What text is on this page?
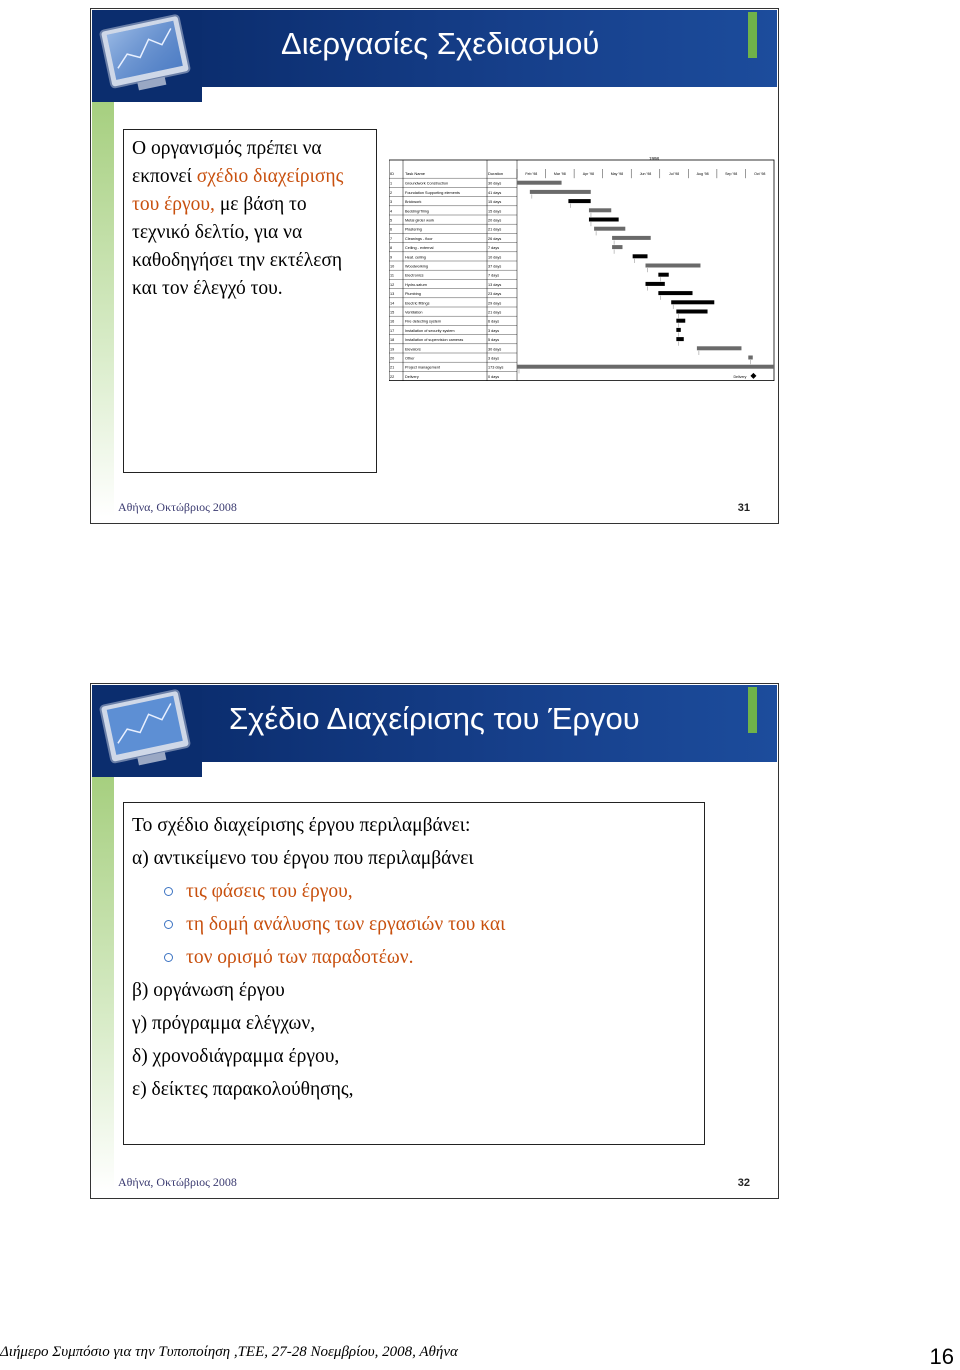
Διεργασίες Σχεδιασμού

Ο οργανισμός πρέπει να εκπονεί σχέδιο διαχείρισης του έργου, με βάση το τεχνικό δελτίο, για να καθοδηγήσει την εκτέλεση και τον έλεγχό του.

1998
ID	Task Name	Duration	Feb '98	Mar '98	Apr '98	May '98	Jun '98	Jul '98	Aug '98	Sep '98	Oct '98
1	Groundwork Construction	30 days
2	Foundation Supporting elements	41 days
3	Brickwork	15 days
4	Bedding/Tiling	15 days
5	Metal girder work	20 days
6	Plastering	21 days
7	Cleanings - floor	26 days
8	Ceiling - external	7 days
9	Heat. ceiling	10 days
10	Woodworking	37 days
11	Electronics	7 days
12	Hydro-saturn	13 days
13	Plumbing	23 days
14	Electric fittings	29 days
15	Ventilation	21 days
16	Fire detecting system	6 days
17	Installation of security system	3 days
18	Installation of supervision cameras	5 days
19	Elevators	30 days
20	Other	3 days
21	Project management	173 days
22	Delivery	0 days	Delivery
Αθήνα, Οκτώβριος 2008	31
Σχέδιο Διαχείρισης του Έργου
Το σχέδιο διαχείρισης έργου περιλαμβάνει:
α) αντικείμενο του έργου που περιλαμβάνει
τις φάσεις του έργου,
τη δομή ανάλυσης των εργασιών του και
τον ορισμό των παραδοτέων.
β) οργάνωση έργου
γ) πρόγραμμα ελέγχων,
δ) χρονοδιάγραμμα έργου,
ε) δείκτες παρακολούθησης,
Αθήνα, Οκτώβριος 2008	32
Διήμερο Συμπόσιο για την Τυποποίηση ,ΤΕΕ, 27-28 Νοεμβρίου, 2008, Αθήνα	16
